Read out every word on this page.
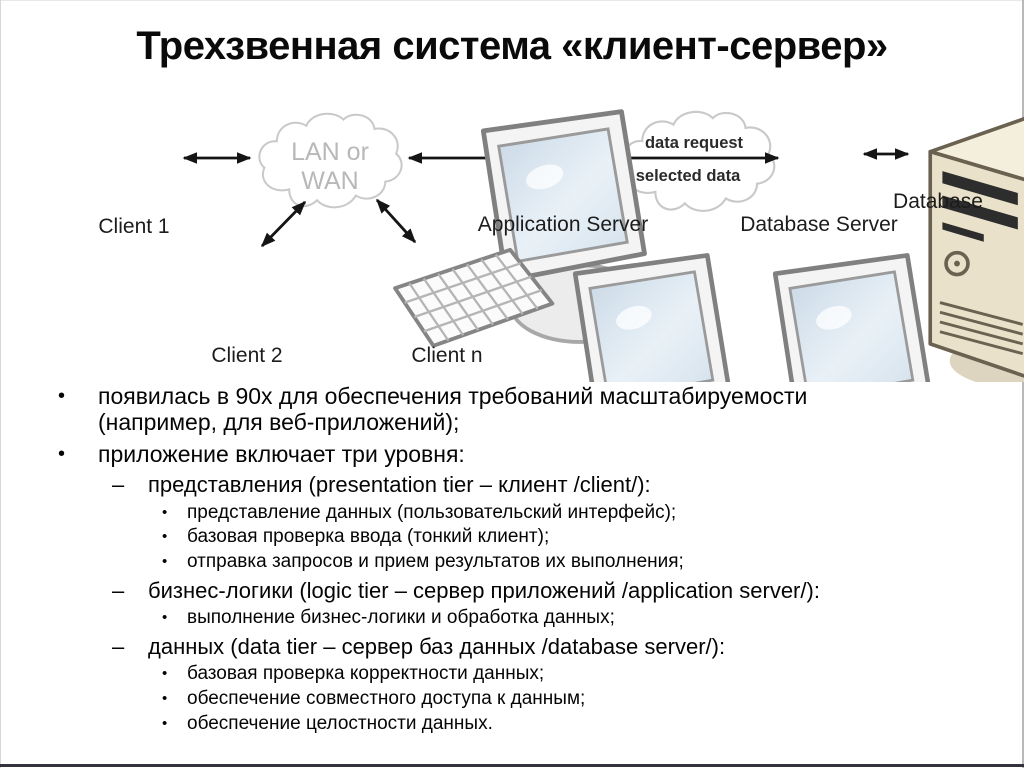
Трехзвенная система «клиент-сервер»
LAN or
WAN
data request
selected data
Client 1	Application Server	Database Server
Database
Client 2	Client n
•	появилась в 90х для обеспечения требований масштабируемости (например, для веб-приложений);
•	приложение включает три уровня:
–	представления (presentation tier – клиент /client/):
•	представление данных (пользовательский интерфейс);
•	базовая проверка ввода (тонкий клиент);
•	отправка запросов и прием результатов их выполнения;
–	бизнес-логики (logic tier – сервер приложений /application server/):
•	выполнение бизнес-логики и обработка данных;
–	данных (data tier – сервер баз данных /database server/):
•	базовая проверка корректности данных;
•	обеспечение совместного доступа к данным;
•	обеспечение целостности данных.
